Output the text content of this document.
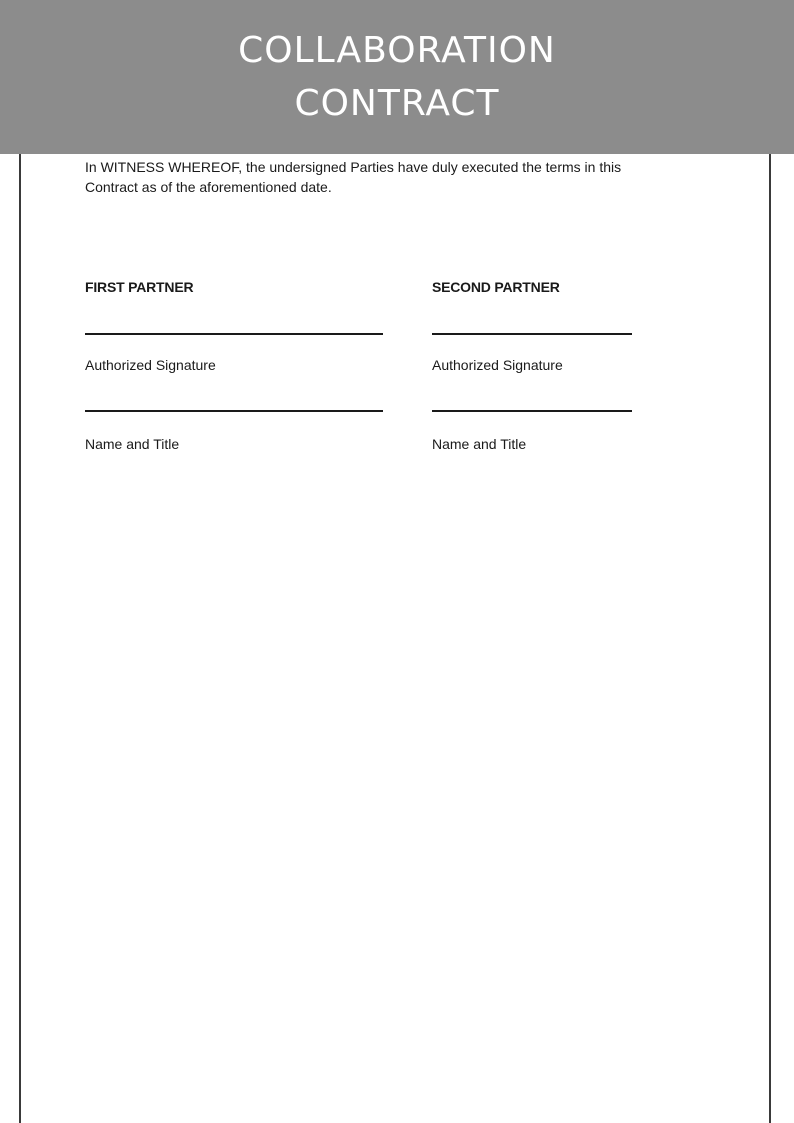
COLLABORATION
CONTRACT

In WITNESS WHEREOF, the undersigned Parties have duly executed the terms in this
Contract as of the aforementioned date.

FIRST PARTNER
Authorized Signature
Name and Title
SECOND PARTNER
Authorized Signature
Name and Title
